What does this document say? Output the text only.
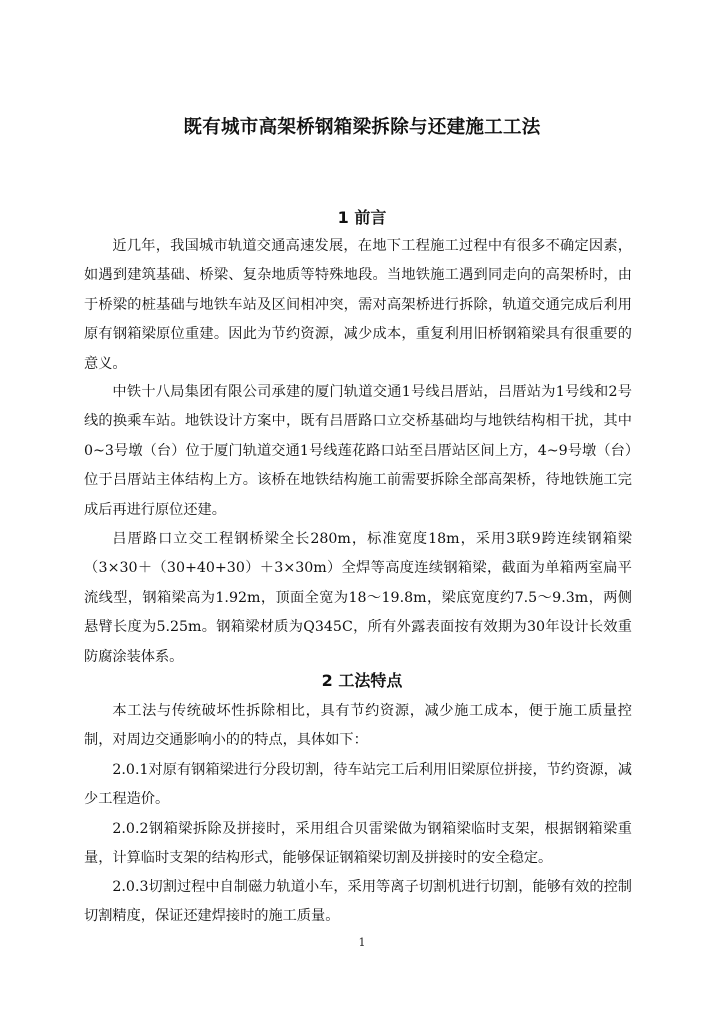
既有城市高架桥钢箱梁拆除与还建施工工法
1 前言

近几年，我国城市轨道交通高速发展，在地下工程施工过程中有很多不确定因素，如遇到建筑基础、桥梁、复杂地质等特殊地段。当地铁施工遇到同走向的高架桥时，由于桥梁的桩基础与地铁车站及区间相冲突，需对高架桥进行拆除，轨道交通完成后利用原有钢箱梁原位重建。因此为节约资源，减少成本，重复利用旧桥钢箱梁具有很重要的意义。

中铁十八局集团有限公司承建的厦门轨道交通1号线吕厝站，吕厝站为1号线和2号线的换乘车站。地铁设计方案中，既有吕厝路口立交桥基础均与地铁结构相干扰，其中0~3号墩（台）位于厦门轨道交通1号线莲花路口站至吕厝站区间上方，4~9号墩（台）位于吕厝站主体结构上方。该桥在地铁结构施工前需要拆除全部高架桥，待地铁施工完成后再进行原位还建。

吕厝路口立交工程钢桥梁全长280m，标准宽度18m，采用3联9跨连续钢箱梁（3×30＋（30+40+30）＋3×30m）全焊等高度连续钢箱梁，截面为单箱两室扁平流线型，钢箱梁高为1.92m，顶面全宽为18～19.8m，梁底宽度约7.5～9.3m，两侧悬臂长度为5.25m。钢箱梁材质为Q345C，所有外露表面按有效期为30年设计长效重防腐涂装体系。

2 工法特点

本工法与传统破坏性拆除相比，具有节约资源，减少施工成本，便于施工质量控制，对周边交通影响小的的特点，具体如下：

2.0.1对原有钢箱梁进行分段切割，待车站完工后利用旧梁原位拼接，节约资源，减少工程造价。

2.0.2钢箱梁拆除及拼接时，采用组合贝雷梁做为钢箱梁临时支架，根据钢箱梁重量，计算临时支架的结构形式，能够保证钢箱梁切割及拼接时的安全稳定。

2.0.3切割过程中自制磁力轨道小车，采用等离子切割机进行切割，能够有效的控制切割精度，保证还建焊接时的施工质量。

1
